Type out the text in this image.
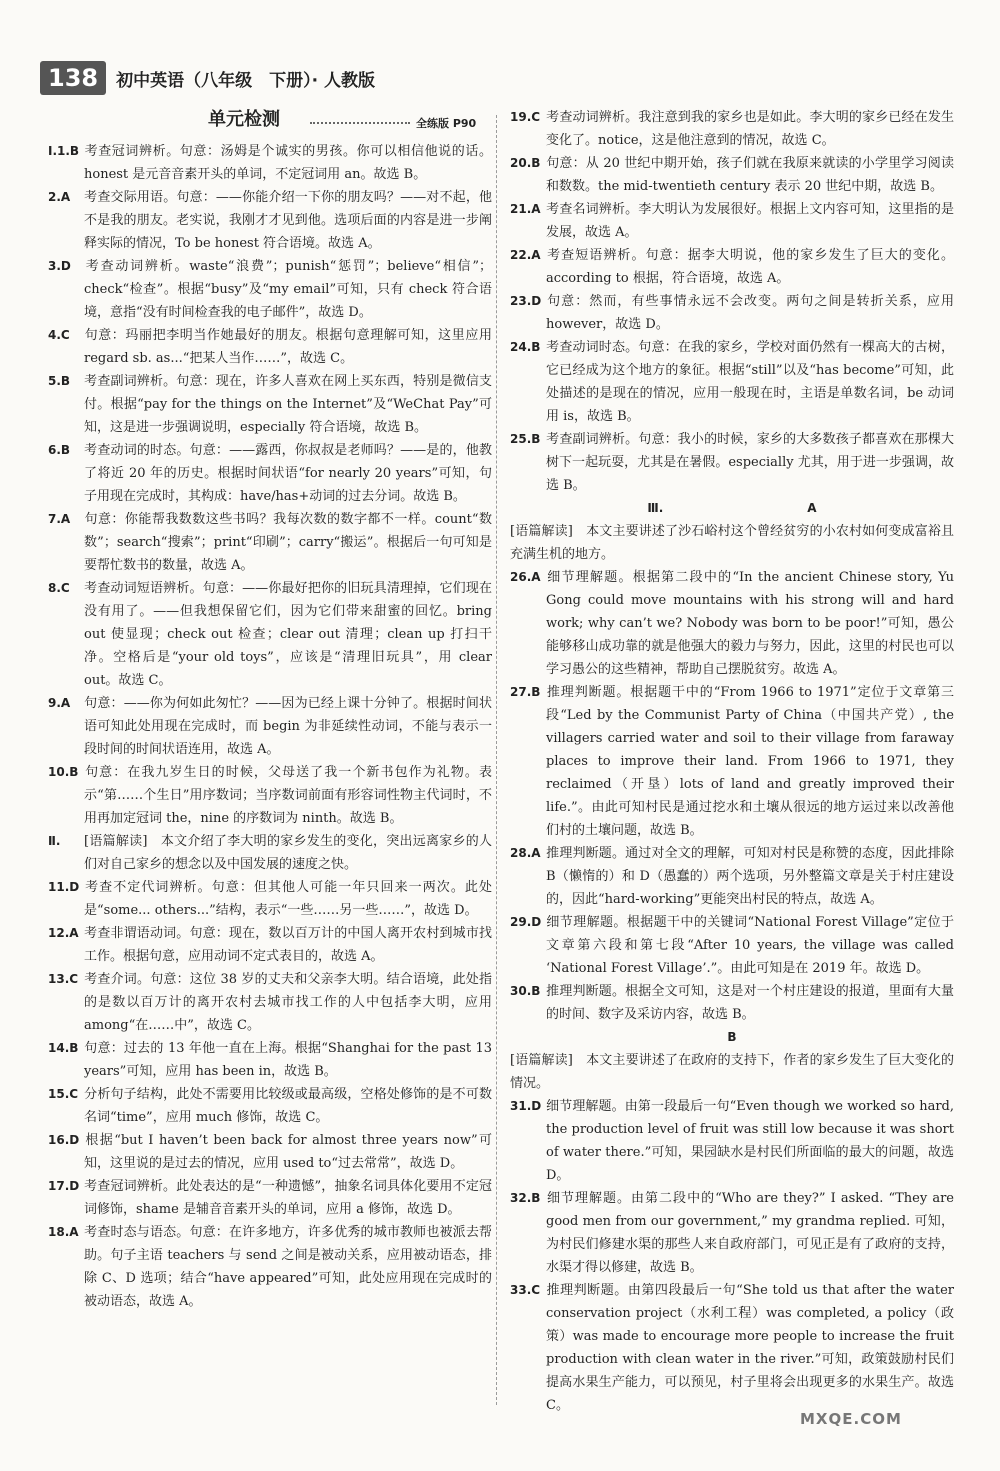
138	初中英语（八年级　下册）· 人教版
单元检测	全练版 P90

Ⅰ.1.B 考查冠词辨析。句意：汤姆是个诚实的男孩。你可以相信他说的话。honest 是元音音素开头的单词，不定冠词用 an。故选 B。

2.A 考查交际用语。句意：——你能介绍一下你的朋友吗？——对不起，他不是我的朋友。老实说，我刚才才见到他。选项后面的内容是进一步阐释实际的情况，To be honest 符合语境。故选 A。

3.D 考查动词辨析。waste“浪费”；punish“惩罚”；believe“相信”；check“检查”。根据“busy”及“my email”可知，只有 check 符合语境，意指“没有时间检查我的电子邮件”，故选 D。

4.C 句意：玛丽把李明当作她最好的朋友。根据句意理解可知，这里应用 regard sb. as...“把某人当作……”，故选 C。

5.B 考查副词辨析。句意：现在，许多人喜欢在网上买东西，特别是微信支付。根据“pay for the things on the Internet”及“WeChat Pay”可知，这是进一步强调说明，especially 符合语境，故选 B。

6.B 考查动词的时态。句意：——露西，你叔叔是老师吗？——是的，他教了将近 20 年的历史。根据时间状语“for nearly 20 years”可知，句子用现在完成时，其构成：have/has+动词的过去分词。故选 B。

7.A 句意：你能帮我数数这些书吗？我每次数的数字都不一样。count“数数”；search“搜索”；print“印刷”；carry“搬运”。根据后一句可知是要帮忙数书的数量，故选 A。

8.C 考查动词短语辨析。句意：——你最好把你的旧玩具清理掉，它们现在没有用了。——但我想保留它们，因为它们带来甜蜜的回忆。bring out 使显现；check out 检查；clear out 清理；clean up 打扫干净。空格后是“your old toys”，应该是“清理旧玩具”，用 clear out。故选 C。

9.A 句意：——你为何如此匆忙？——因为已经上课十分钟了。根据时间状语可知此处用现在完成时，而 begin 为非延续性动词，不能与表示一段时间的时间状语连用，故选 A。

10.B 句意：在我九岁生日的时候，父母送了我一个新书包作为礼物。表示“第……个生日”用序数词；当序数词前面有形容词性物主代词时，不用再加定冠词 the，nine 的序数词为 ninth。故选 B。

Ⅱ. [语篇解读]　本文介绍了李大明的家乡发生的变化，突出远离家乡的人们对自己家乡的想念以及中国发展的速度之快。

11.D 考查不定代词辨析。句意：但其他人可能一年只回来一两次。此处是“some... others...”结构，表示“一些……另一些……”，故选 D。

12.A 考查非谓语动词。句意：现在，数以百万计的中国人离开农村到城市找工作。根据句意，应用动词不定式表目的，故选 A。

13.C 考查介词。句意：这位 38 岁的丈夫和父亲李大明。结合语境，此处指的是数以百万计的离开农村去城市找工作的人中包括李大明，应用 among“在……中”，故选 C。

14.B 句意：过去的 13 年他一直在上海。根据“Shanghai for the past 13 years”可知，应用 has been in，故选 B。

15.C 分析句子结构，此处不需要用比较级或最高级，空格处修饰的是不可数名词“time”，应用 much 修饰，故选 C。

16.D 根据“but I haven’t been back for almost three years now”可知，这里说的是过去的情况，应用 used to“过去常常”，故选 D。

17.D 考查冠词辨析。此处表达的是“一种遗憾”，抽象名词具体化要用不定冠词修饰，shame 是辅音音素开头的单词，应用 a 修饰，故选 D。

18.A 考查时态与语态。句意：在许多地方，许多优秀的城市教师也被派去帮助。句子主语 teachers 与 send 之间是被动关系，应用被动语态，排除 C、D 选项；结合“have appeared”可知，此处应用现在完成时的被动语态，故选 A。

19.C 考查动词辨析。我注意到我的家乡也是如此。李大明的家乡已经在发生变化了。notice，这是他注意到的情况，故选 C。

20.B 句意：从 20 世纪中期开始，孩子们就在我原来就读的小学里学习阅读和数数。the mid-twentieth century 表示 20 世纪中期，故选 B。

21.A 考查名词辨析。李大明认为发展很好。根据上文内容可知，这里指的是发展，故选 A。

22.A 考查短语辨析。句意：据李大明说，他的家乡发生了巨大的变化。according to 根据，符合语境，故选 A。

23.D 句意：然而，有些事情永远不会改变。两句之间是转折关系，应用 however，故选 D。

24.B 考查动词时态。句意：在我的家乡，学校对面仍然有一棵高大的古树，它已经成为这个地方的象征。根据“still”以及“has become”可知，此处描述的是现在的情况，应用一般现在时，主语是单数名词，be 动词用 is，故选 B。

25.B 考查副词辨析。句意：我小的时候，家乡的大多数孩子都喜欢在那棵大树下一起玩耍，尤其是在暑假。especially 尤其，用于进一步强调，故选 B。

Ⅲ.　　　　　　　　　　　　A

[语篇解读]　本文主要讲述了沙石峪村这个曾经贫穷的小农村如何变成富裕且充满生机的地方。

26.A 细节理解题。根据第二段中的“In the ancient Chinese story, Yu Gong could move mountains with his strong will and hard work; why can’t we? Nobody was born to be poor!”可知，愚公能够移山成功靠的就是他强大的毅力与努力，因此，这里的村民也可以学习愚公的这些精神，帮助自己摆脱贫穷。故选 A。

27.B 推理判断题。根据题干中的“From 1966 to 1971”定位于文章第三段“Led by the Communist Party of China（中国共产党）, the villagers carried water and soil to their village from faraway places to improve their land. From 1966 to 1971, they reclaimed（开垦）lots of land and greatly improved their life.”。由此可知村民是通过挖水和土壤从很远的地方运过来以改善他们村的土壤问题，故选 B。

28.A 推理判断题。通过对全文的理解，可知对村民是称赞的态度，因此排除 B（懒惰的）和 D（愚蠢的）两个选项，另外整篇文章是关于村庄建设的，因此“hard-working”更能突出村民的特点，故选 A。

29.D 细节理解题。根据题干中的关键词“National Forest Village”定位于文章第六段和第七段“After 10 years, the village was called ‘National Forest Village’.”。由此可知是在 2019 年。故选 D。

30.B 推理判断题。根据全文可知，这是对一个村庄建设的报道，里面有大量的时间、数字及采访内容，故选 B。

B

[语篇解读]　本文主要讲述了在政府的支持下，作者的家乡发生了巨大变化的情况。

31.D 细节理解题。由第一段最后一句“Even though we worked so hard, the production level of fruit was still low because it was short of water there.”可知，果园缺水是村民们所面临的最大的问题，故选 D。

32.B 细节理解题。由第二段中的“Who are they?” I asked. “They are good men from our government,” my grandma replied. 可知，为村民们修建水渠的那些人来自政府部门，可见正是有了政府的支持，水渠才得以修建，故选 B。

33.C 推理判断题。由第四段最后一句“She told us that after the water conservation project（水利工程）was completed, a policy（政策）was made to encourage more people to increase the fruit production with clean water in the river.”可知，政策鼓励村民们提高水果生产能力，可以预见，村子里将会出现更多的水果生产。故选 C。

MXQE.COM
